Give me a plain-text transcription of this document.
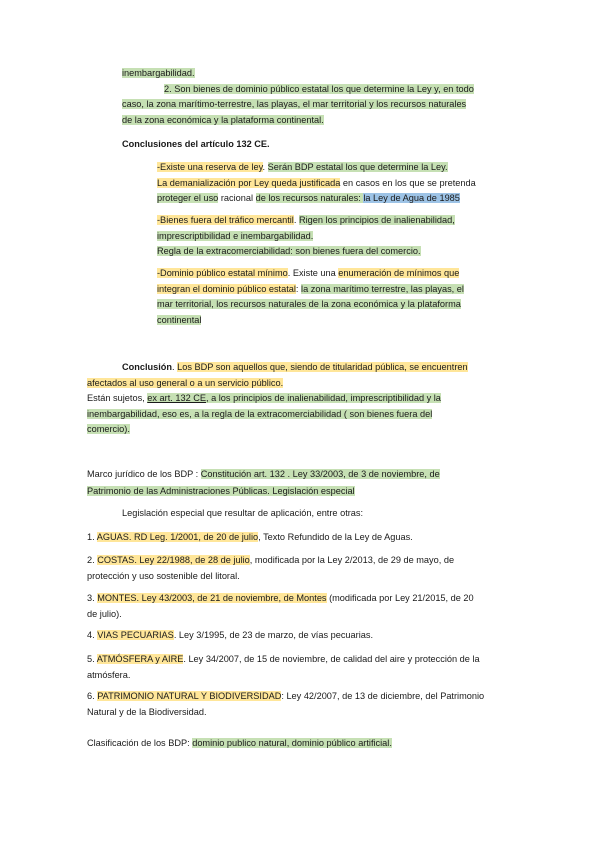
inembargabilidad.
2. Son bienes de dominio público estatal los que determine la Ley y, en todo
caso, la zona marítimo-terrestre, las playas, el mar territorial y los recursos naturales
de la zona económica y la plataforma continental.
Conclusiones del artículo 132 CE.
-Existe una reserva de ley. Serán BDP estatal los que determine la Ley.
La demanialización por Ley queda justificada en casos en los que se pretenda
proteger el uso racional de los recursos naturales: la Ley de Agua de 1985
-Bienes fuera del tráfico mercantil. Rigen los principios de inalienabilidad,
imprescriptibilidad e inembargabilidad.
Regla de la extracomerciabilidad: son bienes fuera del comercio.
-Dominio público estatal mínimo. Existe una enumeración de mínimos que
integran el dominio público estatal: la zona marítimo terrestre, las playas, el
mar territorial, los recursos naturales de la zona económica y la plataforma
continental
Conclusión. Los BDP son aquellos que, siendo de titularidad pública, se encuentren
afectados al uso general o a un servicio público.
Están sujetos, ex art. 132 CE, a los principios de inalienabilidad, imprescriptibilidad y la
inembargabilidad, eso es, a la regla de la extracomerciabilidad ( son bienes fuera del
comercio).
Marco jurídico de los BDP : Constitución art. 132 . Ley 33/2003, de 3 de noviembre, de
Patrimonio de las Administraciones Públicas. Legislación especial
Legislación especial que resultar de aplicación, entre otras:
1. AGUAS. RD Leg. 1/2001, de 20 de julio, Texto Refundido de la Ley de Aguas.
2. COSTAS. Ley 22/1988, de 28 de julio, modificada por la Ley 2/2013, de 29 de mayo, de
protección y uso sostenible del litoral.
3. MONTES. Ley 43/2003, de 21 de noviembre, de Montes (modificada por Ley 21/2015, de 20
de julio).
4. VIAS PECUARIAS. Ley 3/1995, de 23 de marzo, de vías pecuarias.
5. ATMÓSFERA y AIRE. Ley 34/2007, de 15 de noviembre, de calidad del aire y protección de la
atmósfera.
6. PATRIMONIO NATURAL Y BIODIVERSIDAD: Ley 42/2007, de 13 de diciembre, del Patrimonio
Natural y de la Biodiversidad.
Clasificación de los BDP: dominio publico natural, dominio público artificial.
